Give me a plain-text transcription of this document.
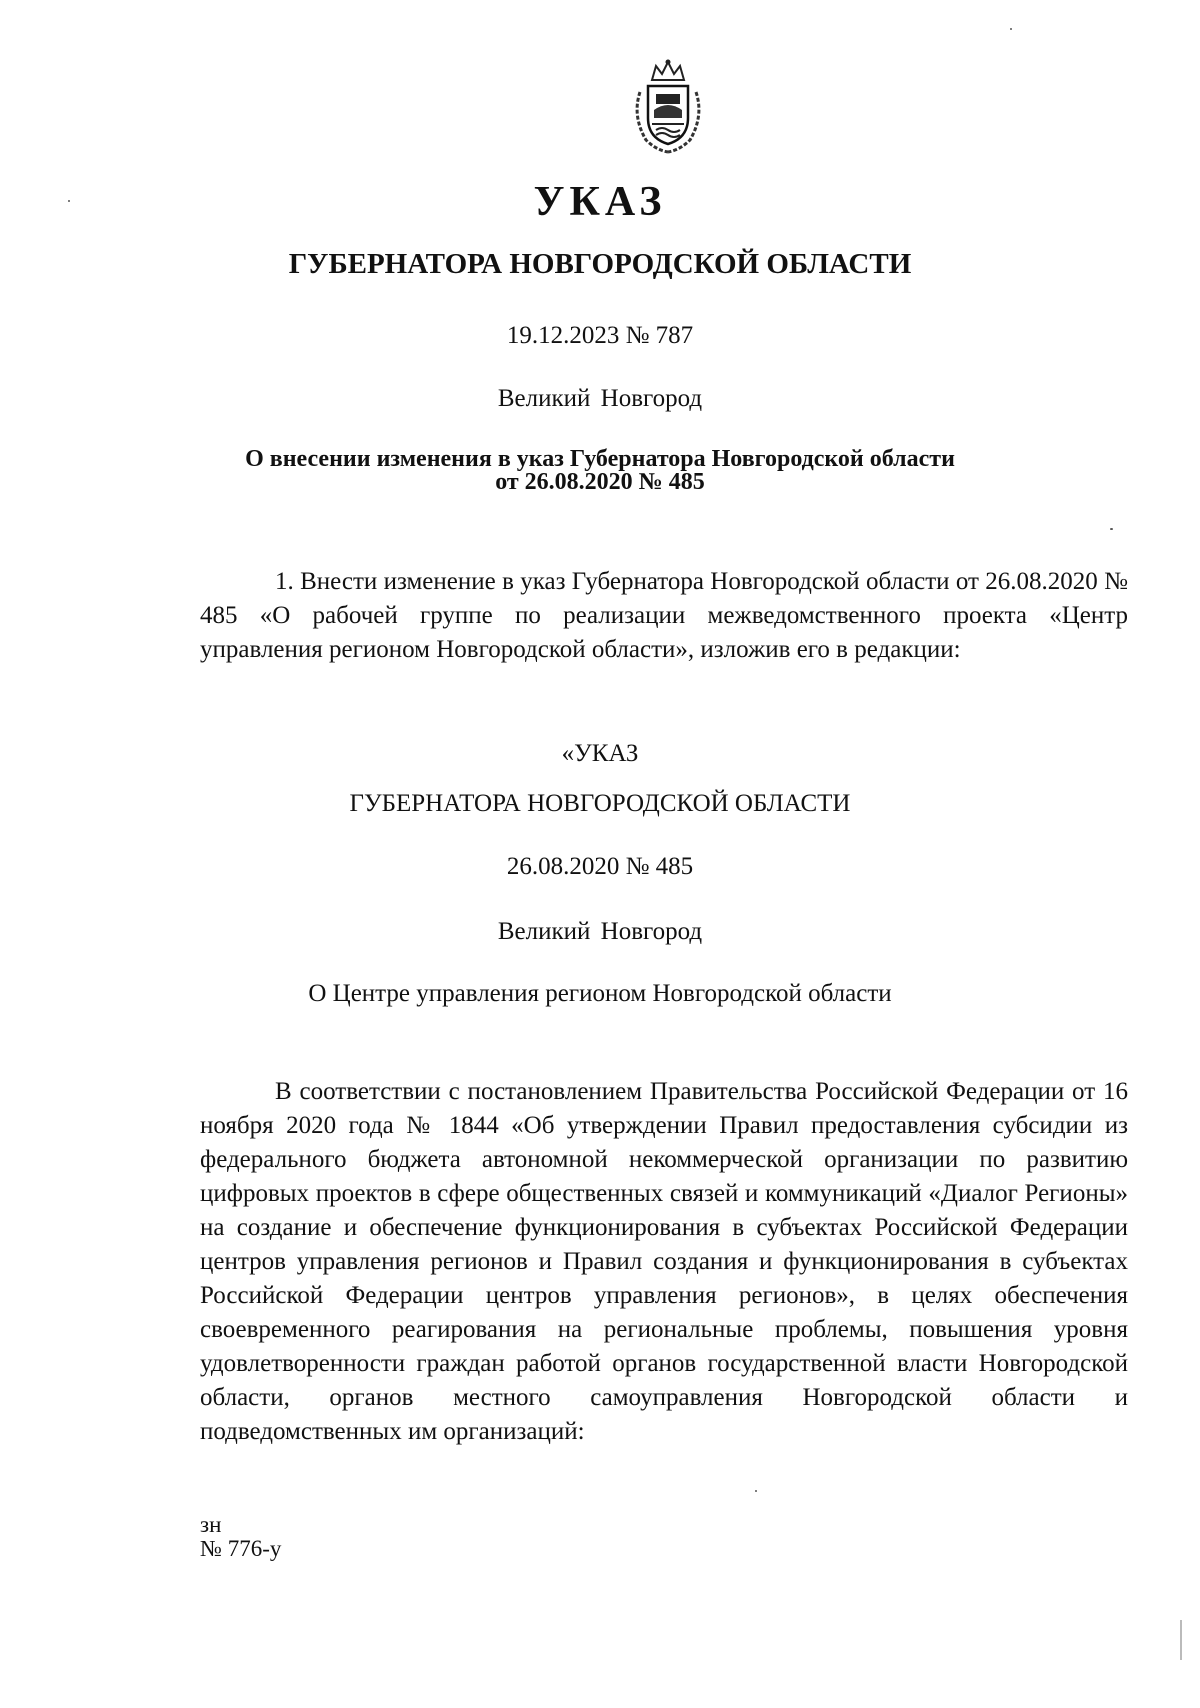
УКАЗ
ГУБЕРНАТОРА НОВГОРОДСКОЙ ОБЛАСТИ
19.12.2023 № 787
Великий Новгород
О внесении изменения в указ Губернатора Новгородской области
от 26.08.2020 № 485
1. Внести изменение в указ Губернатора Новгородской области от 26.08.2020 № 485 «О рабочей группе по реализации межведомственного проекта «Центр управления регионом Новгородской области», изложив его в редакции:
«УКАЗ
ГУБЕРНАТОРА НОВГОРОДСКОЙ ОБЛАСТИ
26.08.2020 № 485
Великий Новгород
О Центре управления регионом Новгородской области
В соответствии с постановлением Правительства Российской Федерации от 16 ноября 2020 года № 1844 «Об утверждении Правил предоставления субсидии из федерального бюджета автономной некоммерческой организации по развитию цифровых проектов в сфере общественных связей и коммуникаций «Диалог Регионы» на создание и обеспечение функционирования в субъектах Российской Федерации центров управления регионов и Правил создания и функционирования в субъектах Российской Федерации центров управления регионов», в целях обеспечения своевременного реагирования на региональные проблемы, повышения уровня удовлетворенности граждан работой органов государственной власти Новгородской области, органов местного самоуправления Новгородской области и подведомственных им организаций:
зн
№ 776-у
